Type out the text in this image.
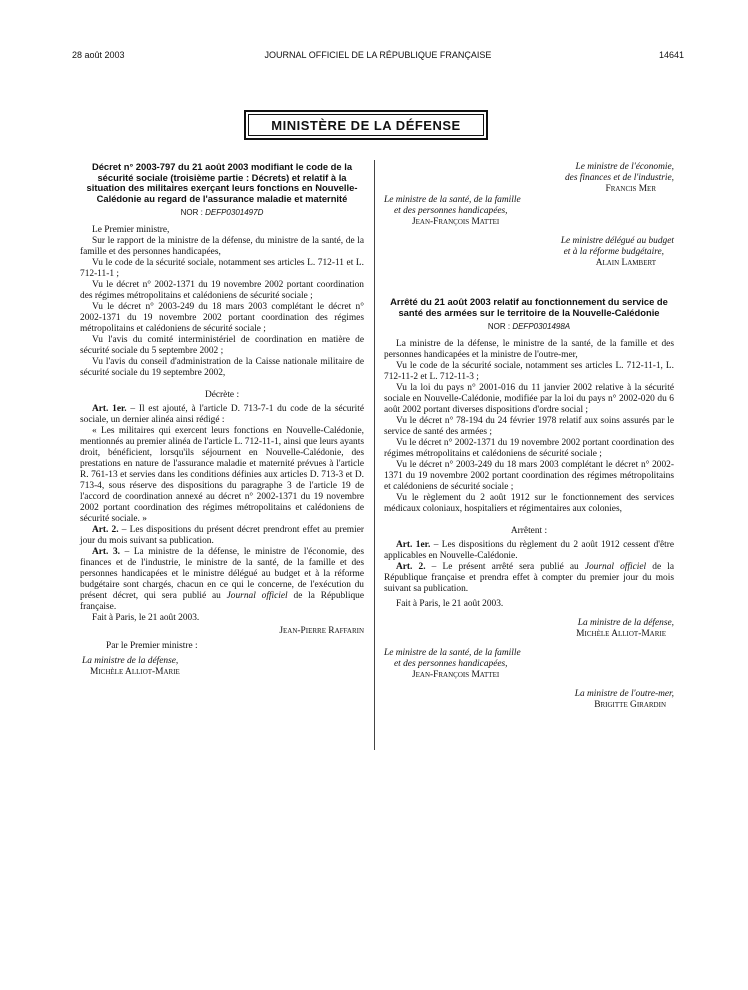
28 août 2003	JOURNAL OFFICIEL DE LA RÉPUBLIQUE FRANÇAISE	14641
MINISTÈRE DE LA DÉFENSE

Décret n° 2003-797 du 21 août 2003 modifiant le code de la sécurité sociale (troisième partie : Décrets) et relatif à la situation des militaires exerçant leurs fonctions en Nouvelle-Calédonie au regard de l'assurance maladie et maternité

NOR : DEFP0301497D

Le Premier ministre,

Sur le rapport de la ministre de la défense, du ministre de la santé, de la famille et des personnes handicapées,

Vu le code de la sécurité sociale, notamment ses articles L. 712-11 et L. 712-11-1 ;

Vu le décret n° 2002-1371 du 19 novembre 2002 portant coordination des régimes métropolitains et calédoniens de sécurité sociale ;

Vu le décret n° 2003-249 du 18 mars 2003 complétant le décret n° 2002-1371 du 19 novembre 2002 portant coordination des régimes métropolitains et calédoniens de sécurité sociale ;

Vu l'avis du comité interministériel de coordination en matière de sécurité sociale du 5 septembre 2002 ;

Vu l'avis du conseil d'administration de la Caisse nationale militaire de sécurité sociale du 19 septembre 2002,

Décrète :

Art. 1er. – Il est ajouté, à l'article D. 713-7-1 du code de la sécurité sociale, un dernier alinéa ainsi rédigé :

« Les militaires qui exercent leurs fonctions en Nouvelle-Calédonie, mentionnés au premier alinéa de l'article L. 712-11-1, ainsi que leurs ayants droit, bénéficient, lorsqu'ils séjournent en Nouvelle-Calédonie, des prestations en nature de l'assurance maladie et maternité prévues à l'article R. 761-13 et servies dans les conditions définies aux articles D. 713-3 et D. 713-4, sous réserve des dispositions du paragraphe 3 de l'article 19 de l'accord de coordination annexé au décret n° 2002-1371 du 19 novembre 2002 portant coordination des régimes métropolitains et calédoniens de sécurité sociale. »

Art. 2. – Les dispositions du présent décret prendront effet au premier jour du mois suivant sa publication.

Art. 3. – La ministre de la défense, le ministre de l'économie, des finances et de l'industrie, le ministre de la santé, de la famille et des personnes handicapées et le ministre délégué au budget et à la réforme budgétaire sont chargés, chacun en ce qui le concerne, de l'exécution du présent décret, qui sera publié au Journal officiel de la République française.

Fait à Paris, le 21 août 2003.

Jean-Pierre Raffarin

Par le Premier ministre :

La ministre de la défense,

Michèle Alliot-Marie

Le ministre de l'économie,

des finances et de l'industrie,

Francis Mer

Le ministre de la santé, de la famille

et des personnes handicapées,

Jean-François Mattei

Le ministre délégué au budget

et à la réforme budgétaire,

Alain Lambert

Arrêté du 21 août 2003 relatif au fonctionnement du service de santé des armées sur le territoire de la Nouvelle-Calédonie

NOR : DEFP0301498A

La ministre de la défense, le ministre de la santé, de la famille et des personnes handicapées et la ministre de l'outre-mer,

Vu le code de la sécurité sociale, notamment ses articles L. 712-11-1, L. 712-11-2 et L. 712-11-3 ;

Vu la loi du pays n° 2001-016 du 11 janvier 2002 relative à la sécurité sociale en Nouvelle-Calédonie, modifiée par la loi du pays n° 2002-020 du 6 août 2002 portant diverses dispositions d'ordre social ;

Vu le décret n° 78-194 du 24 février 1978 relatif aux soins assurés par le service de santé des armées ;

Vu le décret n° 2002-1371 du 19 novembre 2002 portant coordination des régimes métropolitains et calédoniens de sécurité sociale ;

Vu le décret n° 2003-249 du 18 mars 2003 complétant le décret n° 2002-1371 du 19 novembre 2002 portant coordination des régimes métropolitains et calédoniens de sécurité sociale ;

Vu le règlement du 2 août 1912 sur le fonctionnement des services médicaux coloniaux, hospitaliers et régimentaires aux colonies,

Arrêtent :

Art. 1er. – Les dispositions du règlement du 2 août 1912 cessent d'être applicables en Nouvelle-Calédonie.

Art. 2. – Le présent arrêté sera publié au Journal officiel de la République française et prendra effet à compter du premier jour du mois suivant sa publication.

Fait à Paris, le 21 août 2003.

La ministre de la défense,

Michèle Alliot-Marie

Le ministre de la santé, de la famille

et des personnes handicapées,

Jean-François Mattei

La ministre de l'outre-mer,

Brigitte Girardin
